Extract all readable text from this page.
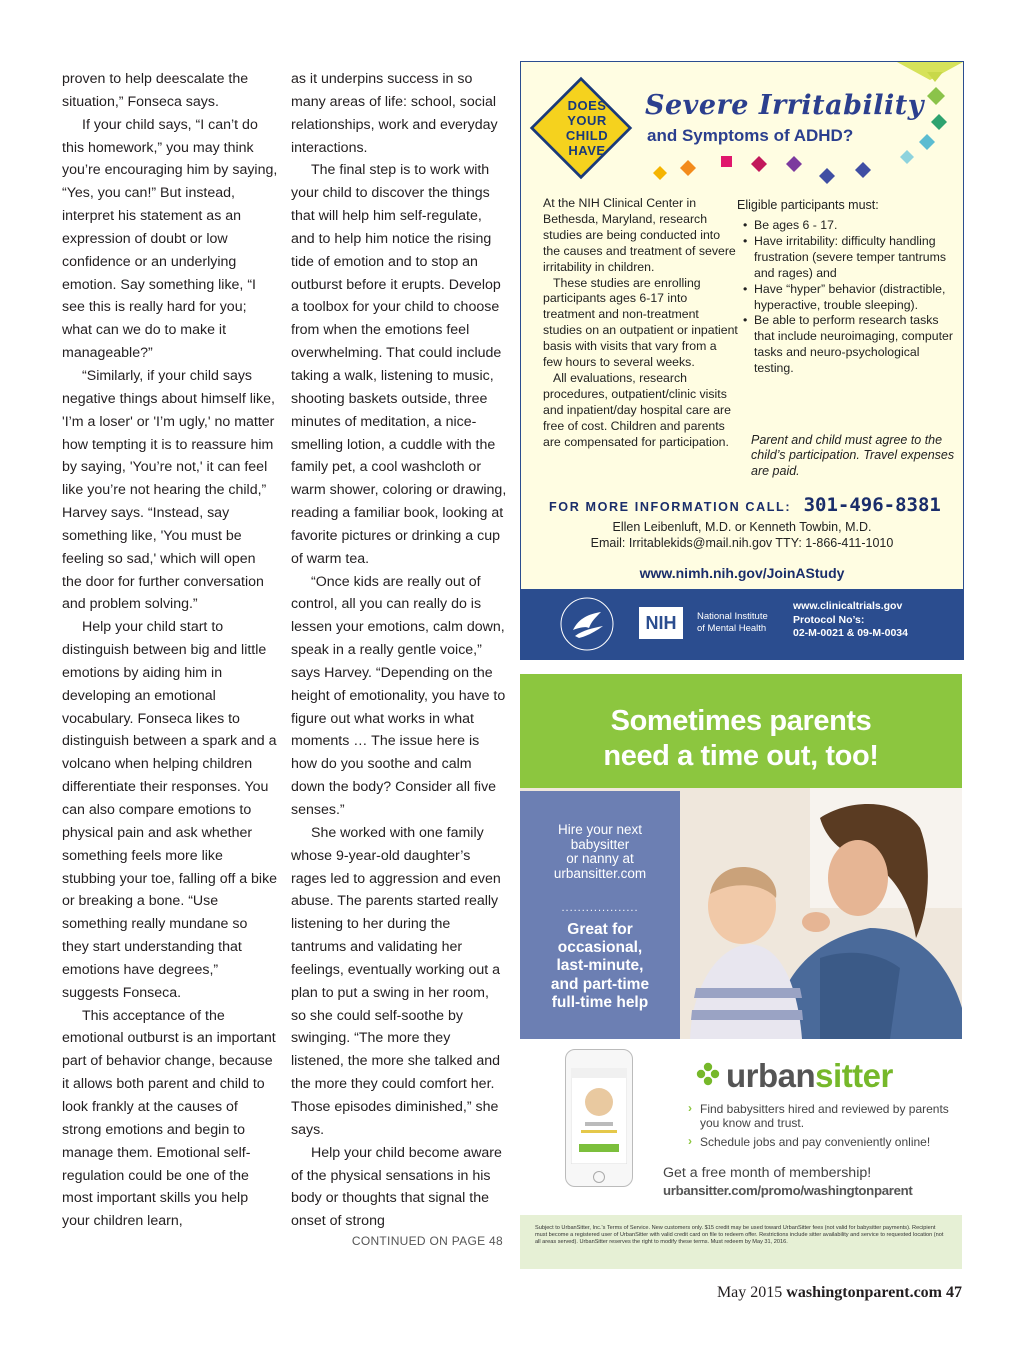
proven to help deescalate the situation,” Fonseca says.

If your child says, “I can’t do this homework,” you may think you’re encouraging him by saying, “Yes, you can!” But instead, interpret his statement as an expression of doubt or low confidence or an underlying emotion. Say something like, “I see this is really hard for you; what can we do to make it manageable?”

“Similarly, if your child says negative things about himself like, 'I’m a loser' or 'I’m ugly,' no matter how tempting it is to reassure him by saying, 'You’re not,' it can feel like you’re not hearing the child,” Harvey says. “Instead, say something like, 'You must be feeling so sad,' which will open the door for further conversation and problem solving.”

Help your child start to distinguish between big and little emotions by aiding him in developing an emotional vocabulary. Fonseca likes to distinguish between a spark and a volcano when helping children differentiate their responses. You can also compare emotions to physical pain and ask whether something feels more like stubbing your toe, falling off a bike or breaking a bone. “Use something really mundane so they start understanding that emotions have degrees,” suggests Fonseca.

This acceptance of the emotional outburst is an important part of behavior change, because it allows both parent and child to look frankly at the causes of strong emotions and begin to manage them. Emotional self-regulation could be one of the most important skills you help your children learn,

as it underpins success in so many areas of life: school, social relationships, work and everyday interactions.

The final step is to work with your child to discover the things that will help him self-regulate, and to help him notice the rising tide of emotion and to stop an outburst before it erupts. Develop a toolbox for your child to choose from when the emotions feel overwhelming. That could include taking a walk, listening to music, shooting baskets outside, three minutes of meditation, a nice-smelling lotion, a cuddle with the family pet, a cool washcloth or warm shower, coloring or drawing, reading a familiar book, looking at favorite pictures or drinking a cup of warm tea.

“Once kids are really out of control, all you can really do is lessen your emotions, calm down, speak in a really gentle voice,” says Harvey. “Depending on the height of emotionality, you have to figure out what works in what moments … The issue here is how do you soothe and calm down the body? Consider all five senses.”

She worked with one family whose 9-year-old daughter’s rages led to aggression and even abuse. The parents started really listening to her during the tantrums and validating her feelings, eventually working out a plan to put a swing in her room, so she could self-soothe by swinging. “The more they listened, the more she talked and the more they could comfort her. Those episodes diminished,” she says.

Help your child become aware of the physical sensations in his body or thoughts that signal the onset of strong

CONTINUED ON PAGE 48
DOES
YOUR
CHILD
HAVE
Severe Irritability
and Symptoms of ADHD?

At the NIH Clinical Center in Bethesda, Maryland, research studies are being conducted into the causes and treatment of severe irritability in children.

These studies are enrolling participants ages 6-17 into treatment and non-treatment studies on an outpatient or inpatient basis with visits that vary from a few hours to several weeks.

All evaluations, research procedures, outpatient/clinic visits and inpatient/day hospital care are free of cost. Children and parents are compensated for participation.

Eligible participants must:
• Be ages 6 - 17.
• Have irritability: difficulty handling frustration (severe temper tantrums and rages) and
• Have “hyper” behavior (distractible, hyperactive, trouble sleeping).
• Be able to perform research tasks that include neuroimaging, computer tasks and neuro-psychological testing.
Parent and child must agree to the child’s participation. Travel expenses are paid.
FOR MORE INFORMATION CALL: 301-496-8381
Ellen Leibenluft, M.D. or Kenneth Towbin, M.D.
Email: Irritablekids@mail.nih.gov TTY: 1-866-411-1010
www.nimh.nih.gov/JoinAStudy
NIH	National Institute
of Mental Health
www.clinicaltrials.gov
Protocol No’s:
02-M-0021 & 09-M-0034
Sometimes parents
need a time out, too!
Hire your next
babysitter
or nanny at
urbansitter.com
...................
Great for
occasional,
last-minute,
and part-time
full-time help
urbansitter
› Find babysitters hired and reviewed by parents you know and trust.
› Schedule jobs and pay conveniently online!
Get a free month of membership!
urbansitter.com/promo/washingtonparent
Subject to UrbanSitter, Inc.'s Terms of Service. New customers only. $15 credit may be used toward UrbanSitter fees (not valid for babysitter payments). Recipient must become a registered user of UrbanSitter with valid credit card on file to redeem offer. Restrictions include sitter availability and service to requested location (not all areas served). UrbanSitter reserves the right to modify these terms. Must redeem by May 31, 2016.
May 2015 washingtonparent.com 47
